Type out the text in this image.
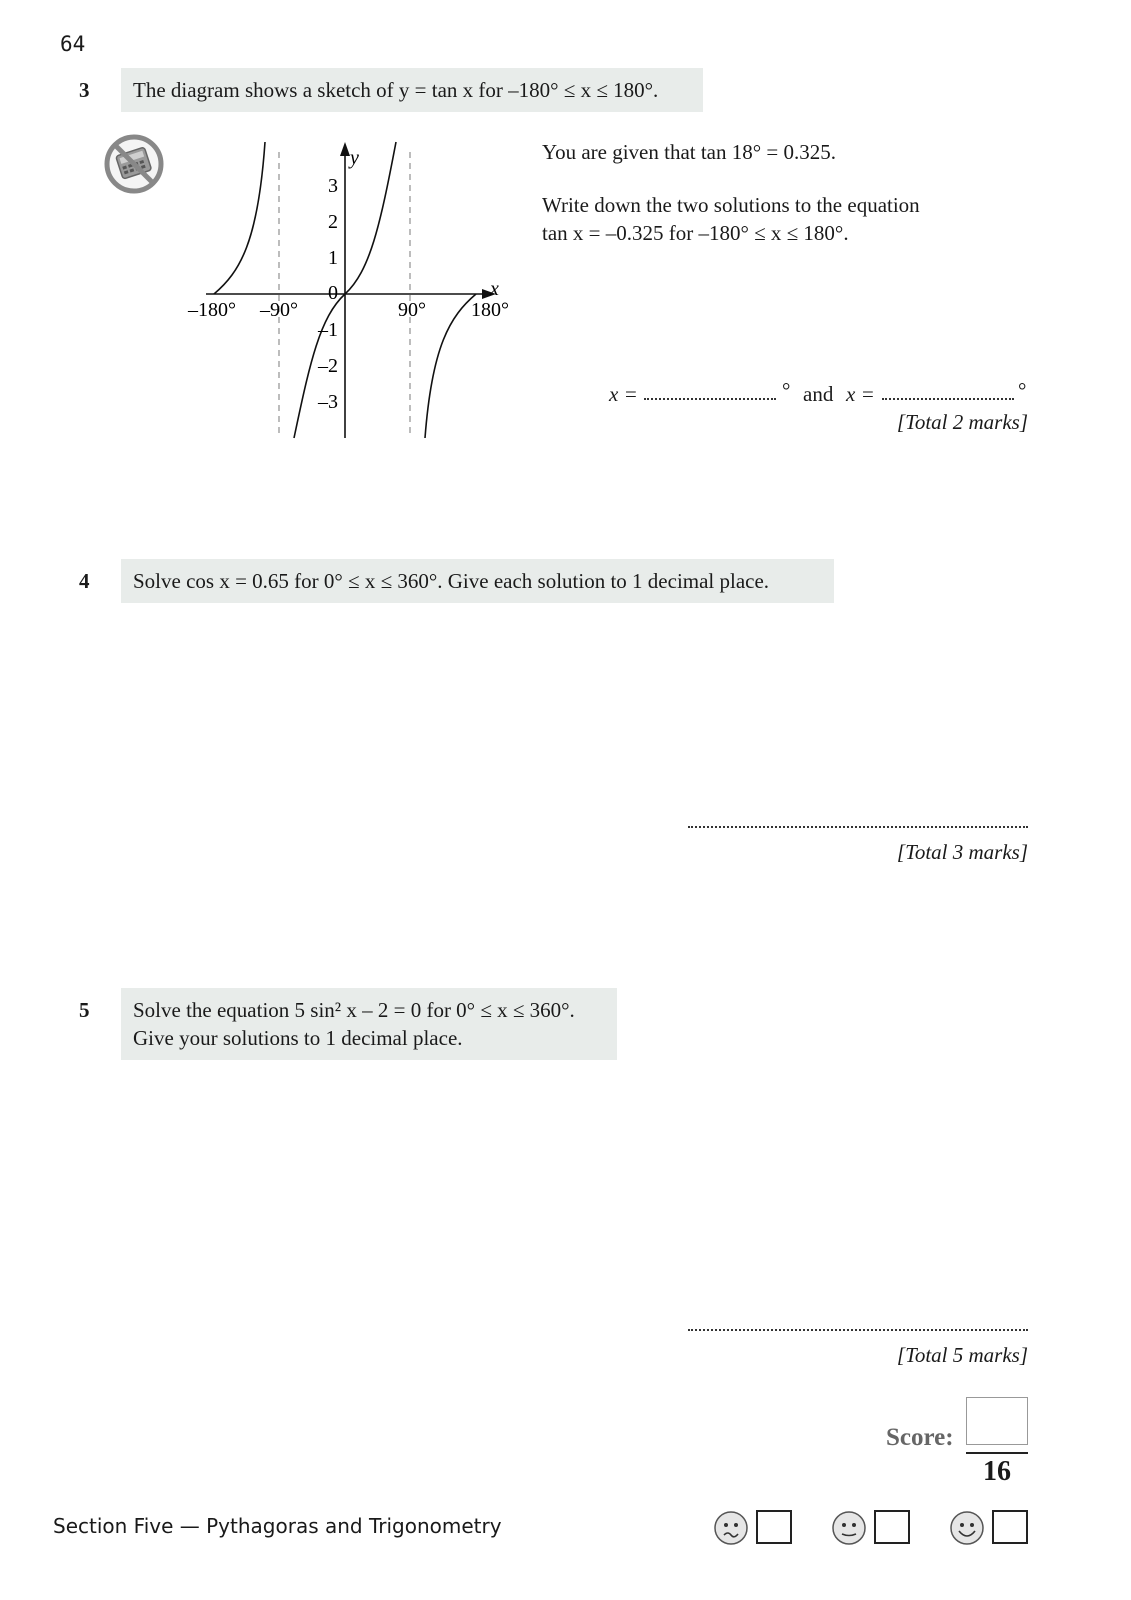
64
3	The diagram shows a sketch of y = tan x for –180° ≤ x ≤ 180°.
y
x
3
2
1
0
–1
–2
–3
–180° –90°	90° 180°
You are given that tan 18° = 0.325.
Write down the two solutions to the equation
tan x = –0.325 for –180° ≤ x ≤ 180°.
x =	° and x =	°
[Total 2 marks]
4	Solve cos x = 0.65 for 0° ≤ x ≤ 360°. Give each solution to 1 decimal place.
[Total 3 marks]
5 Solve the equation 5 sin² x – 2 = 0 for 0° ≤ x ≤ 360°.
Give your solutions to 1 decimal place.
[Total 5 marks]
Score:
16
Section Five — Pythagoras and Trigonometry
